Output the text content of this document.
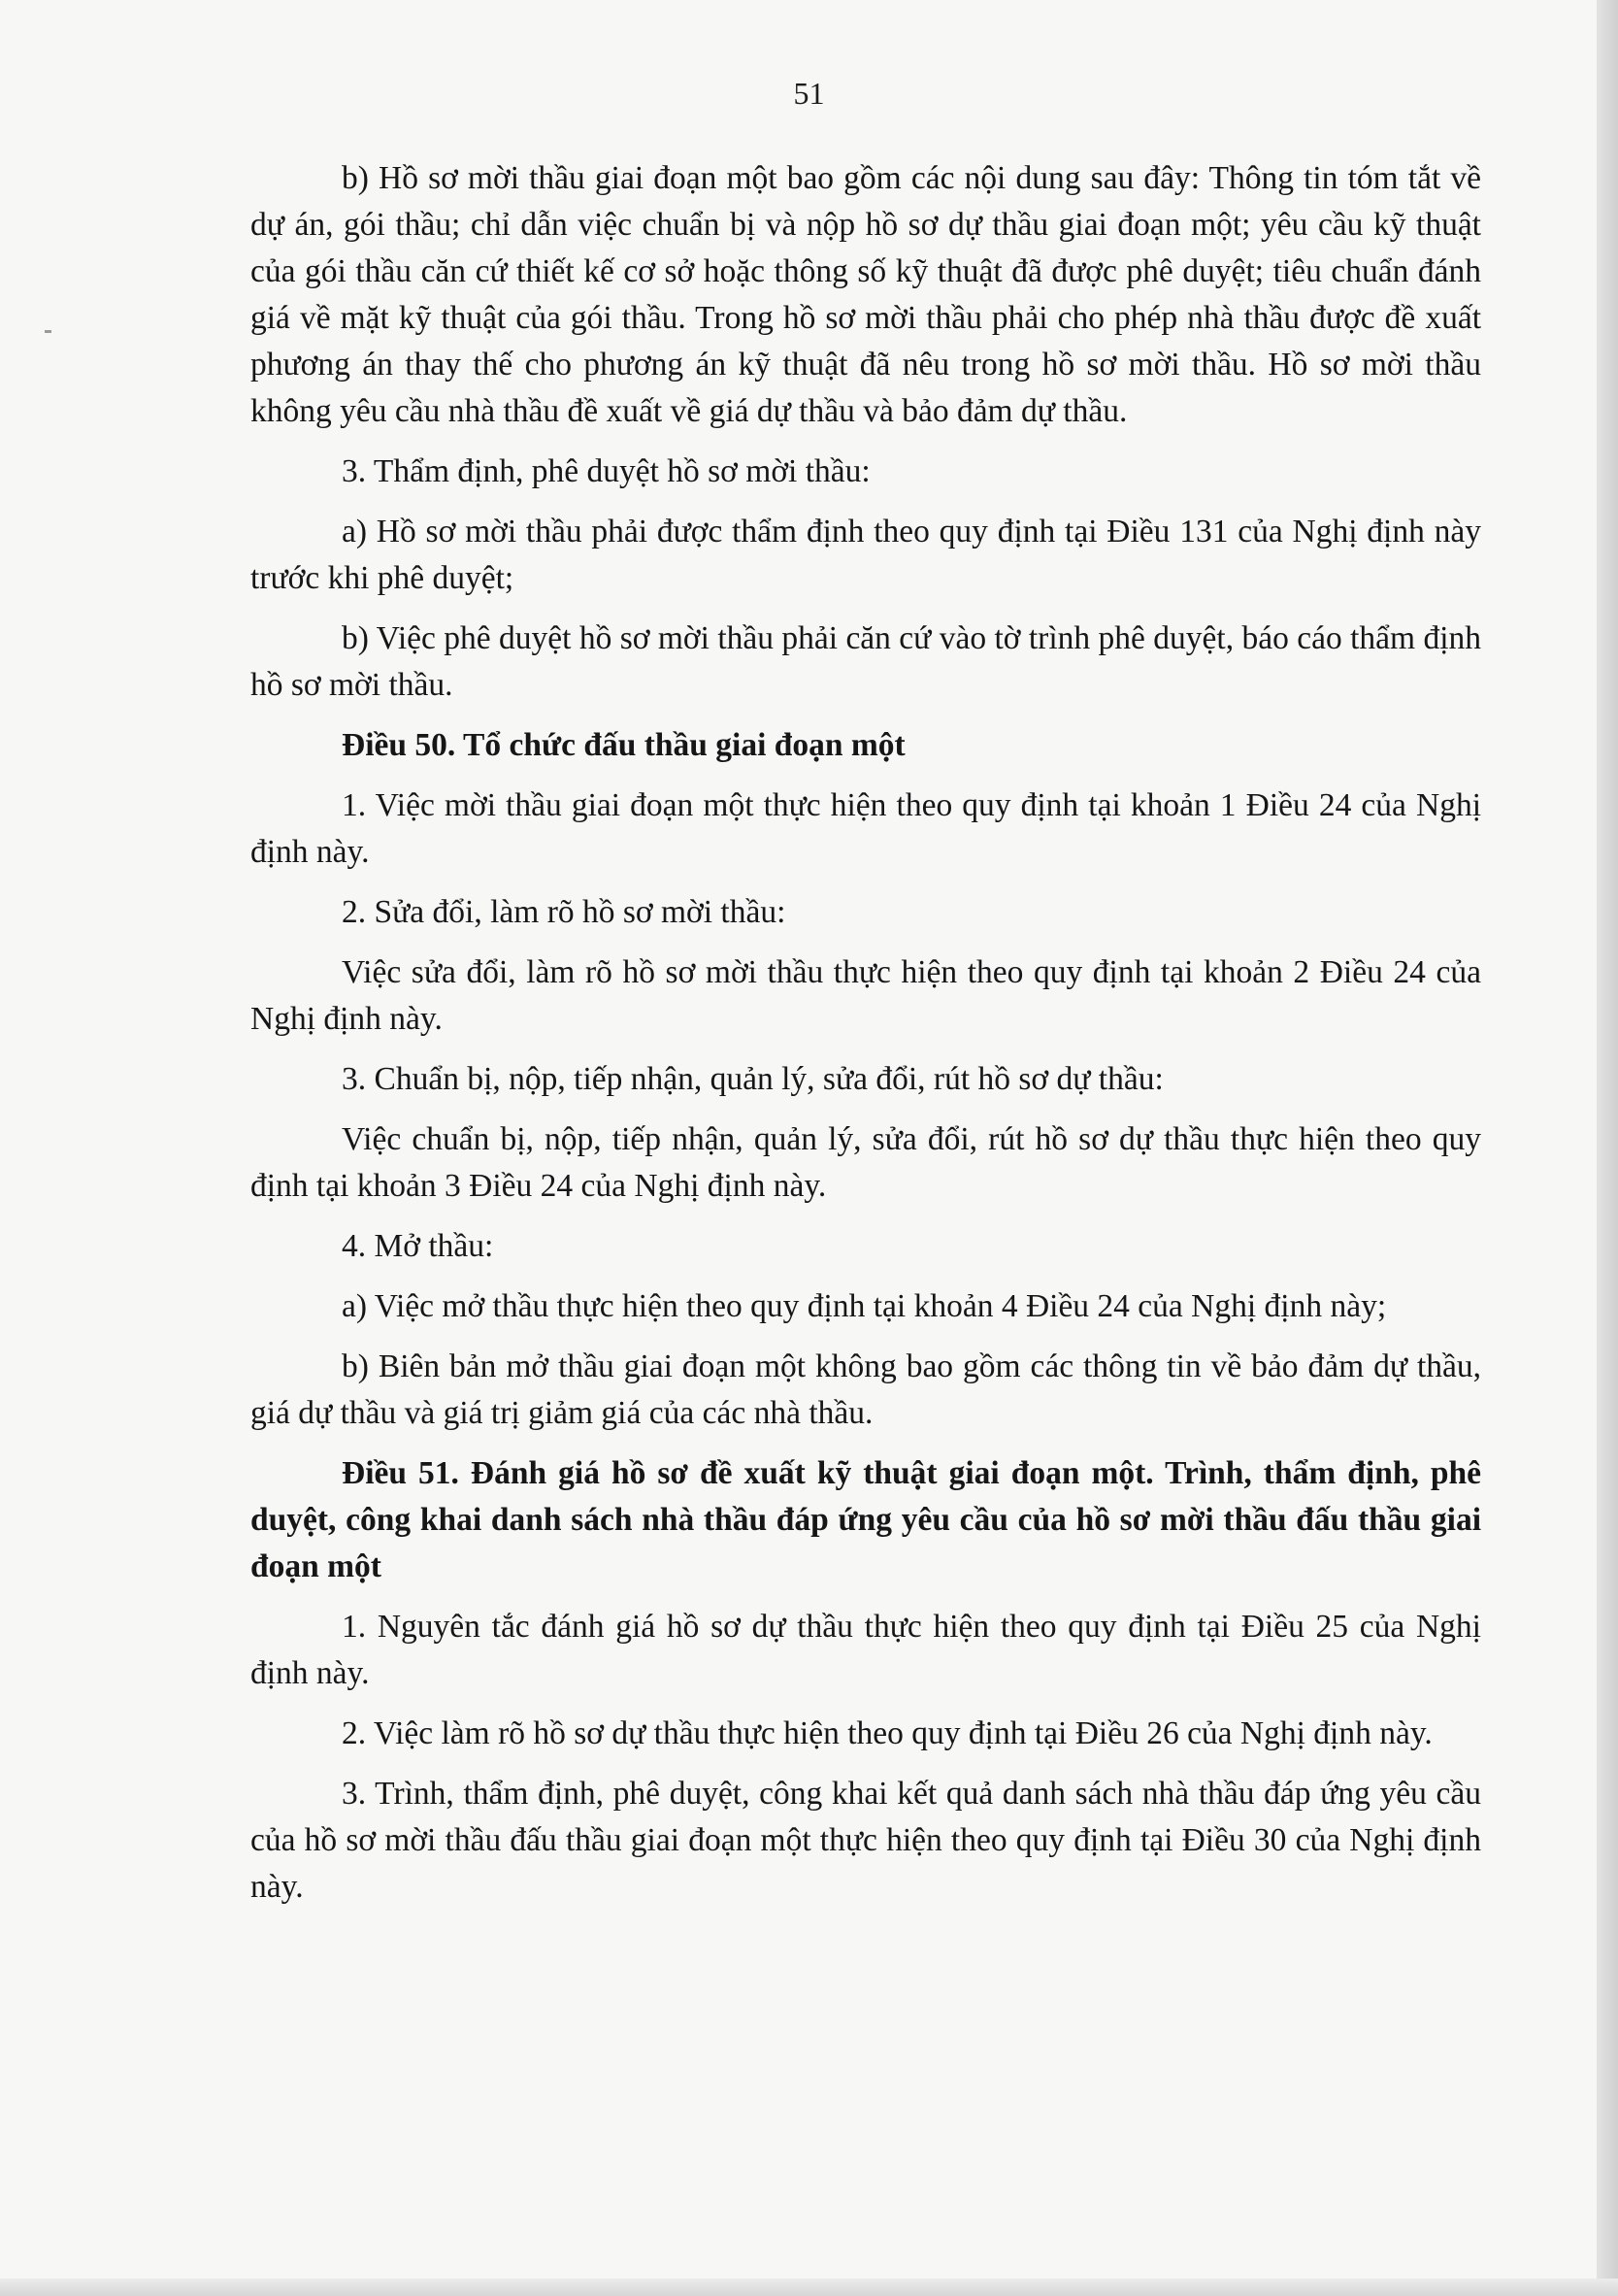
51

b) Hồ sơ mời thầu giai đoạn một bao gồm các nội dung sau đây: Thông tin tóm tắt về dự án, gói thầu; chỉ dẫn việc chuẩn bị và nộp hồ sơ dự thầu giai đoạn một; yêu cầu kỹ thuật của gói thầu căn cứ thiết kế cơ sở hoặc thông số kỹ thuật đã được phê duyệt; tiêu chuẩn đánh giá về mặt kỹ thuật của gói thầu. Trong hồ sơ mời thầu phải cho phép nhà thầu được đề xuất phương án thay thế cho phương án kỹ thuật đã nêu trong hồ sơ mời thầu. Hồ sơ mời thầu không yêu cầu nhà thầu đề xuất về giá dự thầu và bảo đảm dự thầu.

3. Thẩm định, phê duyệt hồ sơ mời thầu:

a) Hồ sơ mời thầu phải được thẩm định theo quy định tại Điều 131 của Nghị định này trước khi phê duyệt;

b) Việc phê duyệt hồ sơ mời thầu phải căn cứ vào tờ trình phê duyệt, báo cáo thẩm định hồ sơ mời thầu.

Điều 50. Tổ chức đấu thầu giai đoạn một

1. Việc mời thầu giai đoạn một thực hiện theo quy định tại khoản 1 Điều 24 của Nghị định này.

2. Sửa đổi, làm rõ hồ sơ mời thầu:

Việc sửa đổi, làm rõ hồ sơ mời thầu thực hiện theo quy định tại khoản 2 Điều 24 của Nghị định này.

3. Chuẩn bị, nộp, tiếp nhận, quản lý, sửa đổi, rút hồ sơ dự thầu:

Việc chuẩn bị, nộp, tiếp nhận, quản lý, sửa đổi, rút hồ sơ dự thầu thực hiện theo quy định tại khoản 3 Điều 24 của Nghị định này.

4. Mở thầu:

a) Việc mở thầu thực hiện theo quy định tại khoản 4 Điều 24 của Nghị định này;

b) Biên bản mở thầu giai đoạn một không bao gồm các thông tin về bảo đảm dự thầu, giá dự thầu và giá trị giảm giá của các nhà thầu.

Điều 51. Đánh giá hồ sơ đề xuất kỹ thuật giai đoạn một. Trình, thẩm định, phê duyệt, công khai danh sách nhà thầu đáp ứng yêu cầu của hồ sơ mời thầu đấu thầu giai đoạn một

1. Nguyên tắc đánh giá hồ sơ dự thầu thực hiện theo quy định tại Điều 25 của Nghị định này.

2. Việc làm rõ hồ sơ dự thầu thực hiện theo quy định tại Điều 26 của Nghị định này.

3. Trình, thẩm định, phê duyệt, công khai kết quả danh sách nhà thầu đáp ứng yêu cầu của hồ sơ mời thầu đấu thầu giai đoạn một thực hiện theo quy định tại Điều 30 của Nghị định này.
